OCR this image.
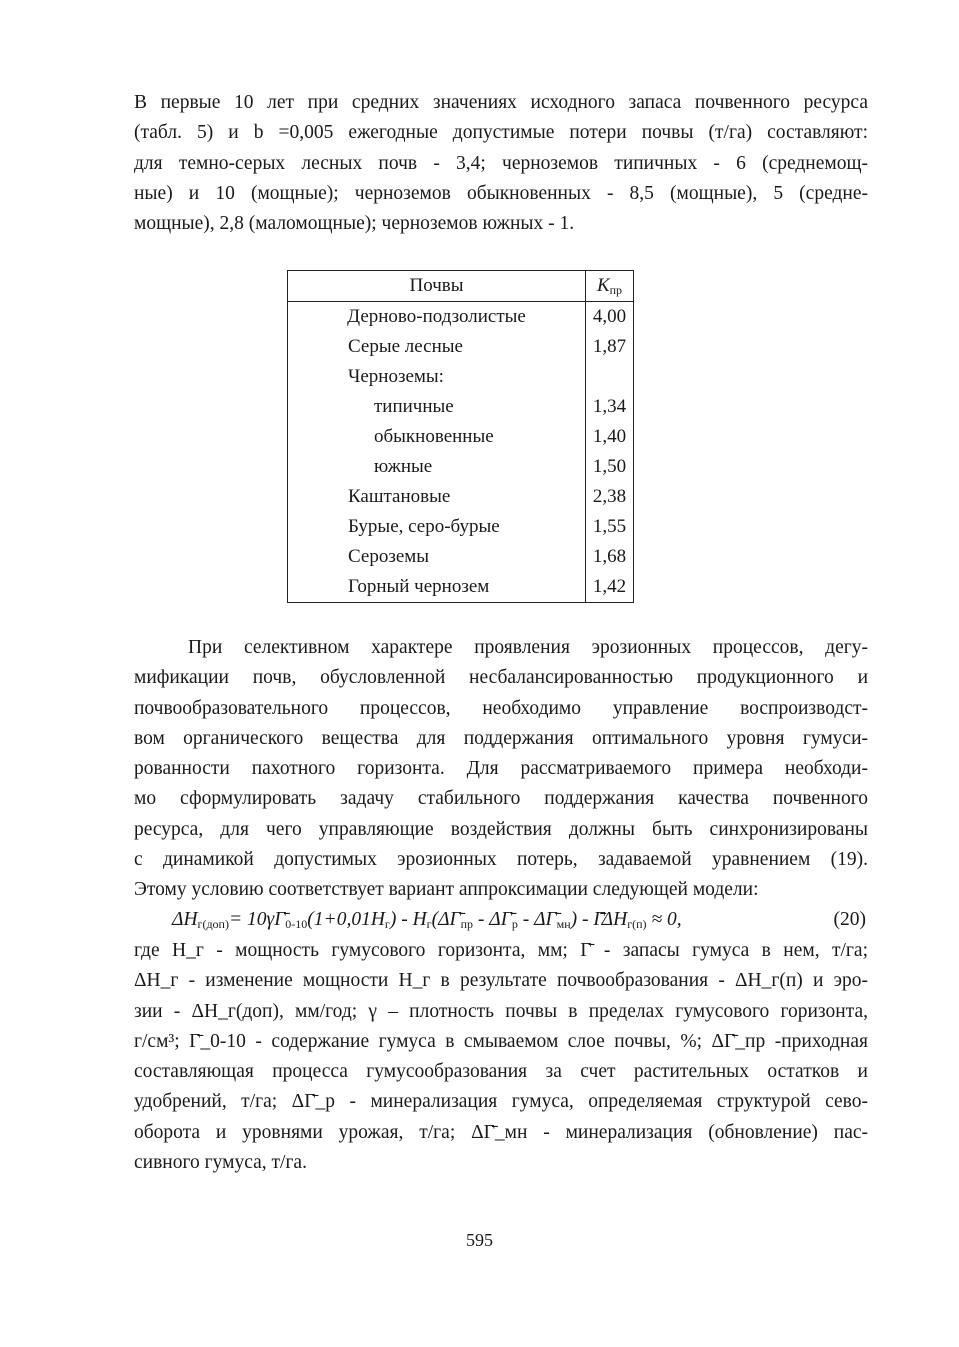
В первые 10 лет при средних значениях исходного запаса почвенного ресурса
(табл. 5) и b =0,005 ежегодные допустимые потери почвы (т/га) составляют:
для темно-серых лесных почв - 3,4; черноземов типичных - 6 (среднемощ-
ные) и 10 (мощные); черноземов обыкновенных - 8,5 (мощные), 5 (средне-
мощные), 2,8 (маломощные); черноземов южных - 1.
Почвы	$K_{пр}$
Дерново-подзолистые	4,00
Серые лесные	1,87
Черноземы:	
типичные	1,34
обыкновенные	1,40
южные	1,50
Каштановые	2,38
Бурые, серо-бурые	1,55
Сероземы	1,68
Горный чернозем	1,42
При селективном характере проявления эрозионных процессов, дегу-
мификации почв, обусловленной несбалансированностью продукционного и
почвообразовательного процессов, необходимо управление воспроизводст-
вом органического вещества для поддержания оптимального уровня гумуси-
рованности пахотного горизонта. Для рассматриваемого примера необходи-
мо сформулировать задачу стабильного поддержания качества почвенного
ресурса, для чего управляющие воздействия должны быть синхронизированы
с динамикой допустимых эрозионных потерь, задаваемой уравнением (19).
Этому условию соответствует вариант аппроксимации следующей модели:
$\Delta H_{г(доп)}=$ $10\gamma\Gammā_{0-10}(1+0,01H_г)$ - $H_г(\Delta\Gammā_{пр}$ - $\Delta\Gammā_р$ - $\Delta\Gammā_{мн}$) - $\Gammā\Delta H_{г(п)} \approx 0$,	(20)
где H_г - мощность гумусового горизонта, мм; Γ̄ - запасы гумуса в нем, т/га;
ΔH_г - изменение мощности H_г в результате почвообразования - ΔH_г(п) и эро-
зии - ΔH_г(доп), мм/год; γ – плотность почвы в пределах гумусового горизонта,
г/см³; Γ̄_0-10 - содержание гумуса в смываемом слое почвы, %; ΔΓ̄_пр -приходная
составляющая процесса гумусообразования за счет растительных остатков и
удобрений, т/га; ΔΓ̄_р - минерализация гумуса, определяемая структурой сево-
оборота и уровнями урожая, т/га; ΔΓ̄_мн - минерализация (обновление) пас-
сивного гумуса, т/га.
595
